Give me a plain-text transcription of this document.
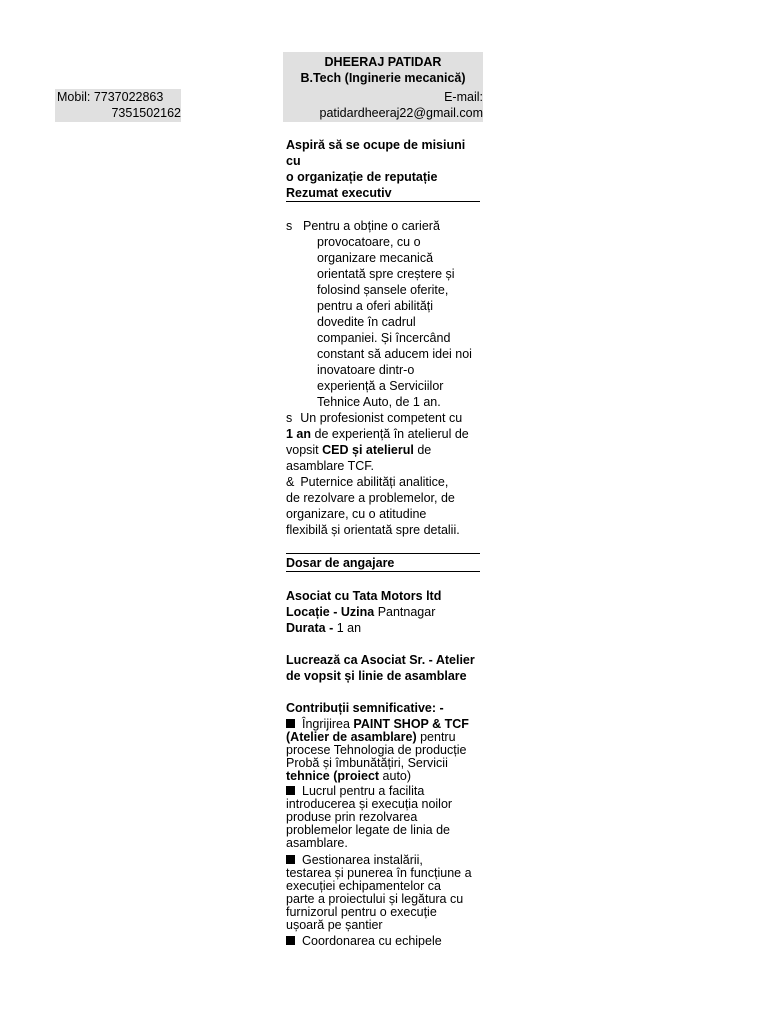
Mobil: 7737022863
7351502162
DHEERAJ PATIDAR
B.Tech (Inginerie mecanică)
E-mail:
patidardheeraj22@gmail.com
Aspiră să se ocupe de misiuni cu
o organizație de reputație
Rezumat executiv
s Pentru a obține o carieră
provocatoare, cu o
organizare mecanică
orientată spre creștere și
folosind șansele oferite,
pentru a oferi abilități
dovedite în cadrul
companiei. Și încercând
constant să aducem idei noi
inovatoare dintr-o
experiență a Serviciilor
Tehnice Auto, de 1 an.
s Un profesionist competent cu
1 an de experiență în atelierul de
vopsit CED și atelierul de
asamblare TCF.
& Puternice abilități analitice,
de rezolvare a problemelor, de
organizare, cu o atitudine
flexibilă și orientată spre detalii.
Dosar de angajare
Asociat cu Tata Motors ltd
Locație - Uzina Pantnagar
Durata - 1 an
Lucrează ca Asociat Sr. - Atelier
de vopsit și linie de asamblare
Contribuții semnificative: -
Îngrijirea PAINT SHOP & TCF
(Atelier de asamblare) pentru
procese Tehnologia de producție
Probă și îmbunătățiri, Servicii
tehnice (proiect auto)
Lucrul pentru a facilita
introducerea și execuția noilor
produse prin rezolvarea
problemelor legate de linia de
asamblare.
Gestionarea instalării,
testarea și punerea în funcțiune a
execuției echipamentelor ca
parte a proiectului și legătura cu
furnizorul pentru o execuție
ușoară pe șantier
Coordonarea cu echipele
